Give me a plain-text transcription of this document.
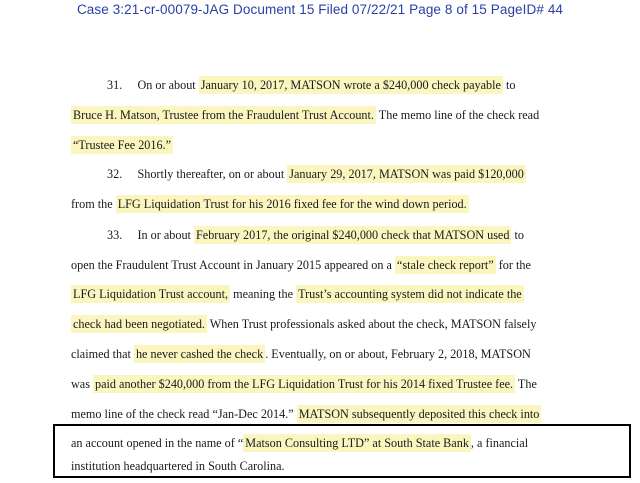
Case 3:21-cr-00079-JAG Document 15 Filed 07/22/21 Page 8 of 15 PageID# 44
31. On or about January 10, 2017, MATSON wrote a $240,000 check payable to
Bruce H. Matson, Trustee from the Fraudulent Trust Account. The memo line of the check read
“Trustee Fee 2016.”
32. Shortly thereafter, on or about January 29, 2017, MATSON was paid $120,000
from the LFG Liquidation Trust for his 2016 fixed fee for the wind down period.
33. In or about February 2017, the original $240,000 check that MATSON used to
open the Fraudulent Trust Account in January 2015 appeared on a “stale check report” for the
LFG Liquidation Trust account, meaning the Trust’s accounting system did not indicate the
check had been negotiated. When Trust professionals asked about the check, MATSON falsely
claimed that he never cashed the check . Eventually, on or about, February 2, 2018, MATSON
was paid another $240,000 from the LFG Liquidation Trust for his 2014 fixed Trustee fee. The
memo line of the check read “Jan-Dec 2014.” MATSON subsequently deposited this check into
an account opened in the name of “ Matson Consulting LTD” at South State Bank , a financial
institution headquartered in South Carolina.
